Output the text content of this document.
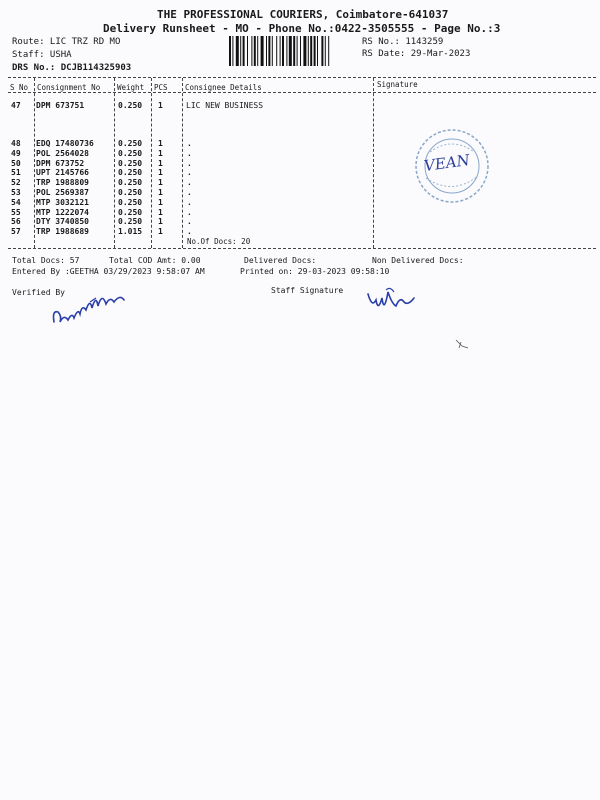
THE PROFESSIONAL COURIERS, Coimbatore-641037
Delivery Runsheet - MO - Phone No.:0422-3505555 - Page No.:3
Route: LIC TRZ RD MO
Staff: USHA
DRS No.: DCJB114325903
RS No.: 1143259
RS Date: 29-Mar-2023
S No Consignment No Weight PCS Consignee Details	Signature
47 DPM 673751	0.250 1	LIC NEW BUSINESS
48 EDQ 17480736	0.250 1	.
49 POL 2564028	0.250 1	.
50 DPM 673752	0.250 1	.
51 UPT 2145766	0.250 1	.
52 TRP 1988809	0.250 1	.
53 POL 2569387	0.250 1	.
54 MTP 3032121	0.250 1	.
55 MTP 1222074	0.250 1	.
56 DTY 3740850	0.250 1	.
57 TRP 1988689	1.015 1	.
No.Of Docs: 20
VEAN
Total Docs: 57	Total COD Amt: 0.00	Delivered Docs:	Non Delivered Docs:
Entered By :GEETHA 03/29/2023 9:58:07 AM	Printed on: 29-03-2023 09:58:10
Verified By	Staff Signature
